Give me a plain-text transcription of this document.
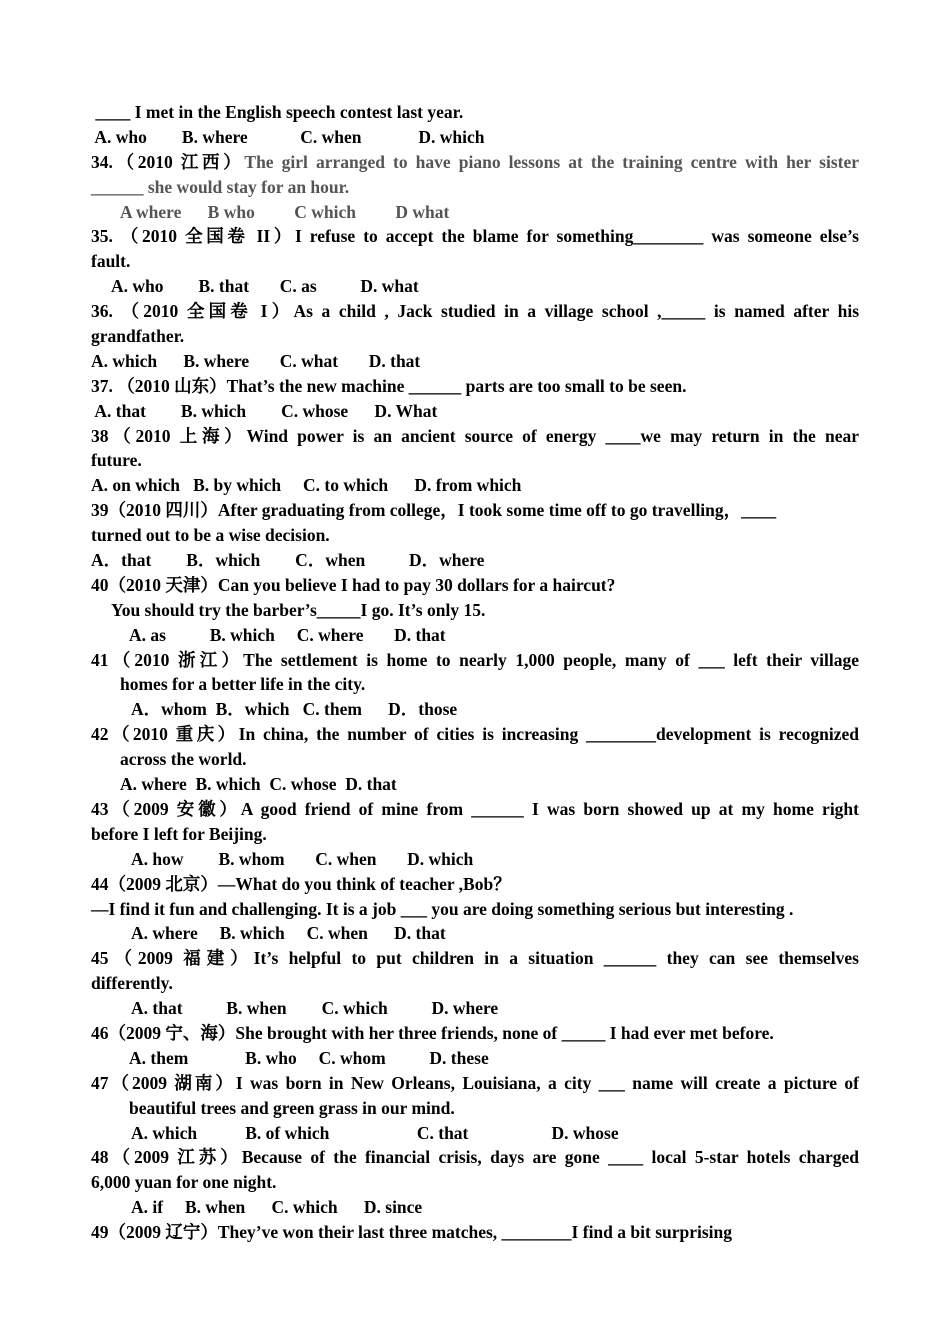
____ I met in the English speech contest last year.
A. who        B. where            C. when             D. which
34.（2010 江西）The girl arranged to have piano lessons at the training centre with her sister
______ she would stay for an hour.
A where      B who         C which         D what
35. （2010 全国卷 II）I refuse to accept the blame for something________ was someone else’s
fault.
A. who        B. that       C. as          D. what
36. （2010 全国卷 I）As a child , Jack studied in a village school ,_____ is named after his
grandfather.
A. which      B. where       C. what       D. that
37. （2010 山东）That’s the new machine ______ parts are too small to be seen.
A. that        B. which        C. whose      D. What
38（2010 上海）Wind power is an ancient source of energy ____we may return in the near
future.
A. on which   B. by which     C. to which      D. from which
39（2010 四川）After graduating from college，I took some time off to go travelling，____
turned out to be a wise decision.
A．that        B．which        C．when          D．where
40（2010 天津）Can you believe I had to pay 30 dollars for a haircut?
You should try the barber’s_____I go. It’s only 15.
A. as          B. which     C. where       D. that
41（2010 浙江）The settlement is home to nearly 1,000 people, many of ___ left their village
homes for a better life in the city.
A．whom  B．which   C. them      D．those
42（2010 重庆）In china, the number of cities is increasing ________development is recognized
across the world.
A. where  B. which  C. whose  D. that
43（2009 安徽）A good friend of mine from ______ I was born showed up at my home right
before I left for Beijing.
A. how        B. whom       C. when       D. which
44（2009 北京）—What do you think of teacher ,Bob？
—I find it fun and challenging. It is a job ___ you are doing something serious but interesting .
A. where     B. which     C. when      D. that
45（2009 福建）It’s helpful to put children in a situation ______ they can see themselves
differently.
A. that          B. when        C. which          D. where
46（2009 宁、海）She brought with her three friends, none of _____ I had ever met before.
A. them             B. who     C. whom          D. these
47（2009 湖南）I was born in New Orleans, Louisiana, a city ___ name will create a picture of
beautiful trees and green grass in our mind.
A. which           B. of which                    C. that                   D. whose
48（2009 江苏）Because of the financial crisis, days are gone ____ local 5-star hotels charged
6,000 yuan for one night.
A. if     B. when      C. which      D. since
49（2009 辽宁）They’ve won their last three matches, ________I find a bit surprising
